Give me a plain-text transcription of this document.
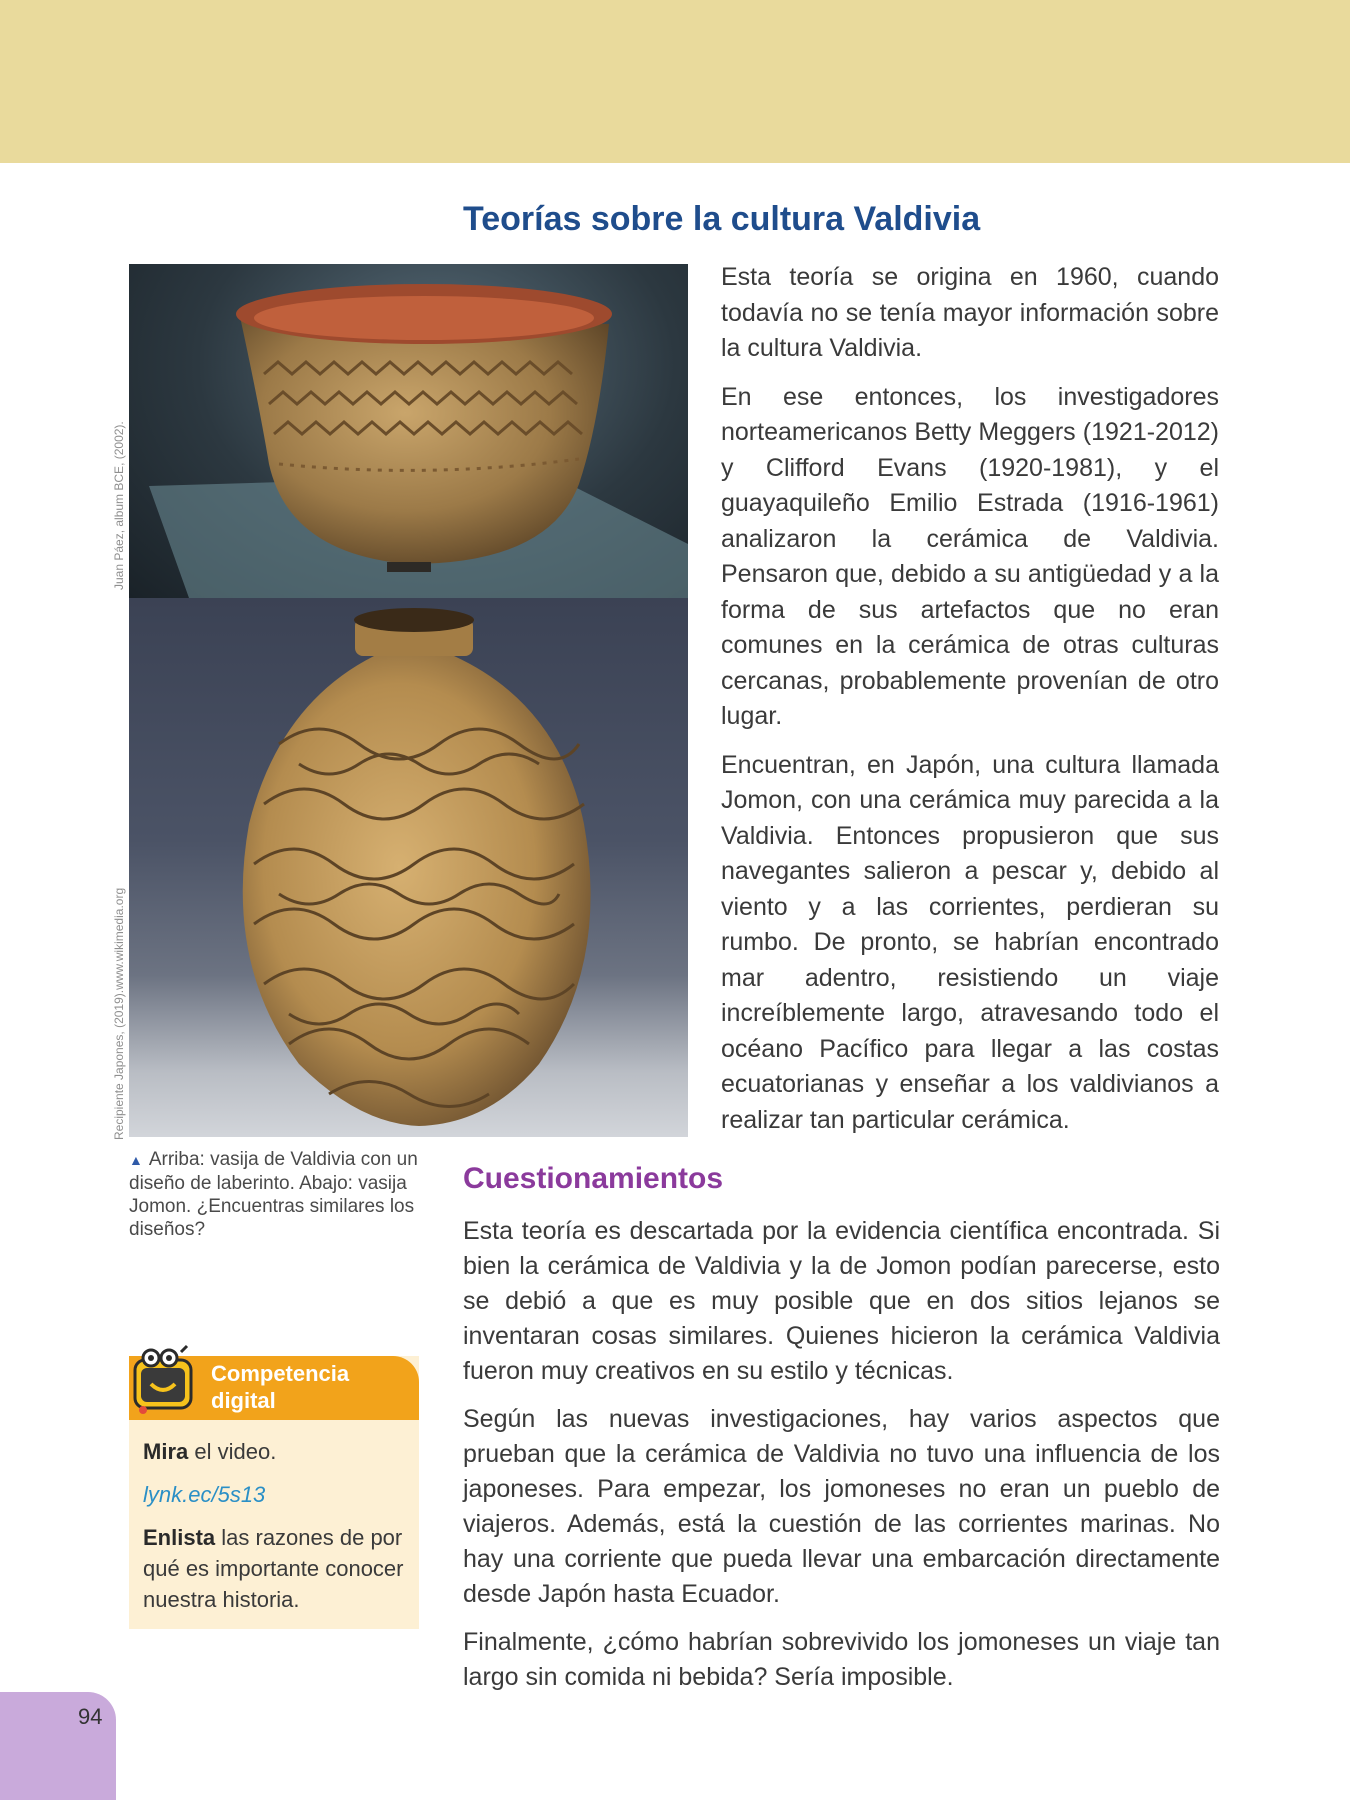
Teorías sobre la cultura Valdivia
Juan Páez, album BCE, (2002).
Recipiente Japones, (2019).www.wikimedia.org
▲ Arriba: vasija de Valdivia con un diseño de laberinto. Abajo: vasija Jomon. ¿Encuentras similares los diseños?

Esta teoría se origina en 1960, cuando todavía no se tenía mayor información sobre la cultura Valdivia.

En ese entonces, los investigadores norteamericanos Betty Meggers (1921-2012) y Clifford Evans (1920-1981), y el guayaquileño Emilio Estrada (1916-1961) analizaron la cerámica de Valdivia. Pensaron que, debido a su antigüedad y a la forma de sus artefactos que no eran comunes en la cerámica de otras culturas cercanas, probablemente provenían de otro lugar.

Encuentran, en Japón, una cultura llamada Jomon, con una cerámica muy parecida a la Valdivia. Entonces propusieron que sus navegantes salieron a pescar y, debido al viento y a las corrientes, perdieran su rumbo. De pronto, se habrían encontrado mar adentro, resistiendo un viaje increíblemente largo, atravesando todo el océano Pacífico para llegar a las costas ecuatorianas y enseñar a los valdivianos a realizar tan particular cerámica.

Cuestionamientos

Esta teoría es descartada por la evidencia científica encontrada. Si bien la cerámica de Valdivia y la de Jomon podían parecerse, esto se debió a que es muy posible que en dos sitios lejanos se inventaran cosas similares. Quienes hicieron la cerámica Valdivia fueron muy creativos en su estilo y técnicas.

Según las nuevas investigaciones, hay varios aspectos que prueban que la cerámica de Valdivia no tuvo una influencia de los japoneses. Para empezar, los jomoneses no eran un pueblo de viajeros. Además, está la cuestión de las corrientes marinas. No hay una corriente que pueda llevar una embarcación directamente desde Japón hasta Ecuador.

Finalmente, ¿cómo habrían sobrevivido los jomoneses un viaje tan largo sin comida ni bebida? Sería imposible.

Competencia digital

Mira el video.

lynk.ec/5s13

Enlista las razones de por qué es importante conocer nuestra historia.

94
